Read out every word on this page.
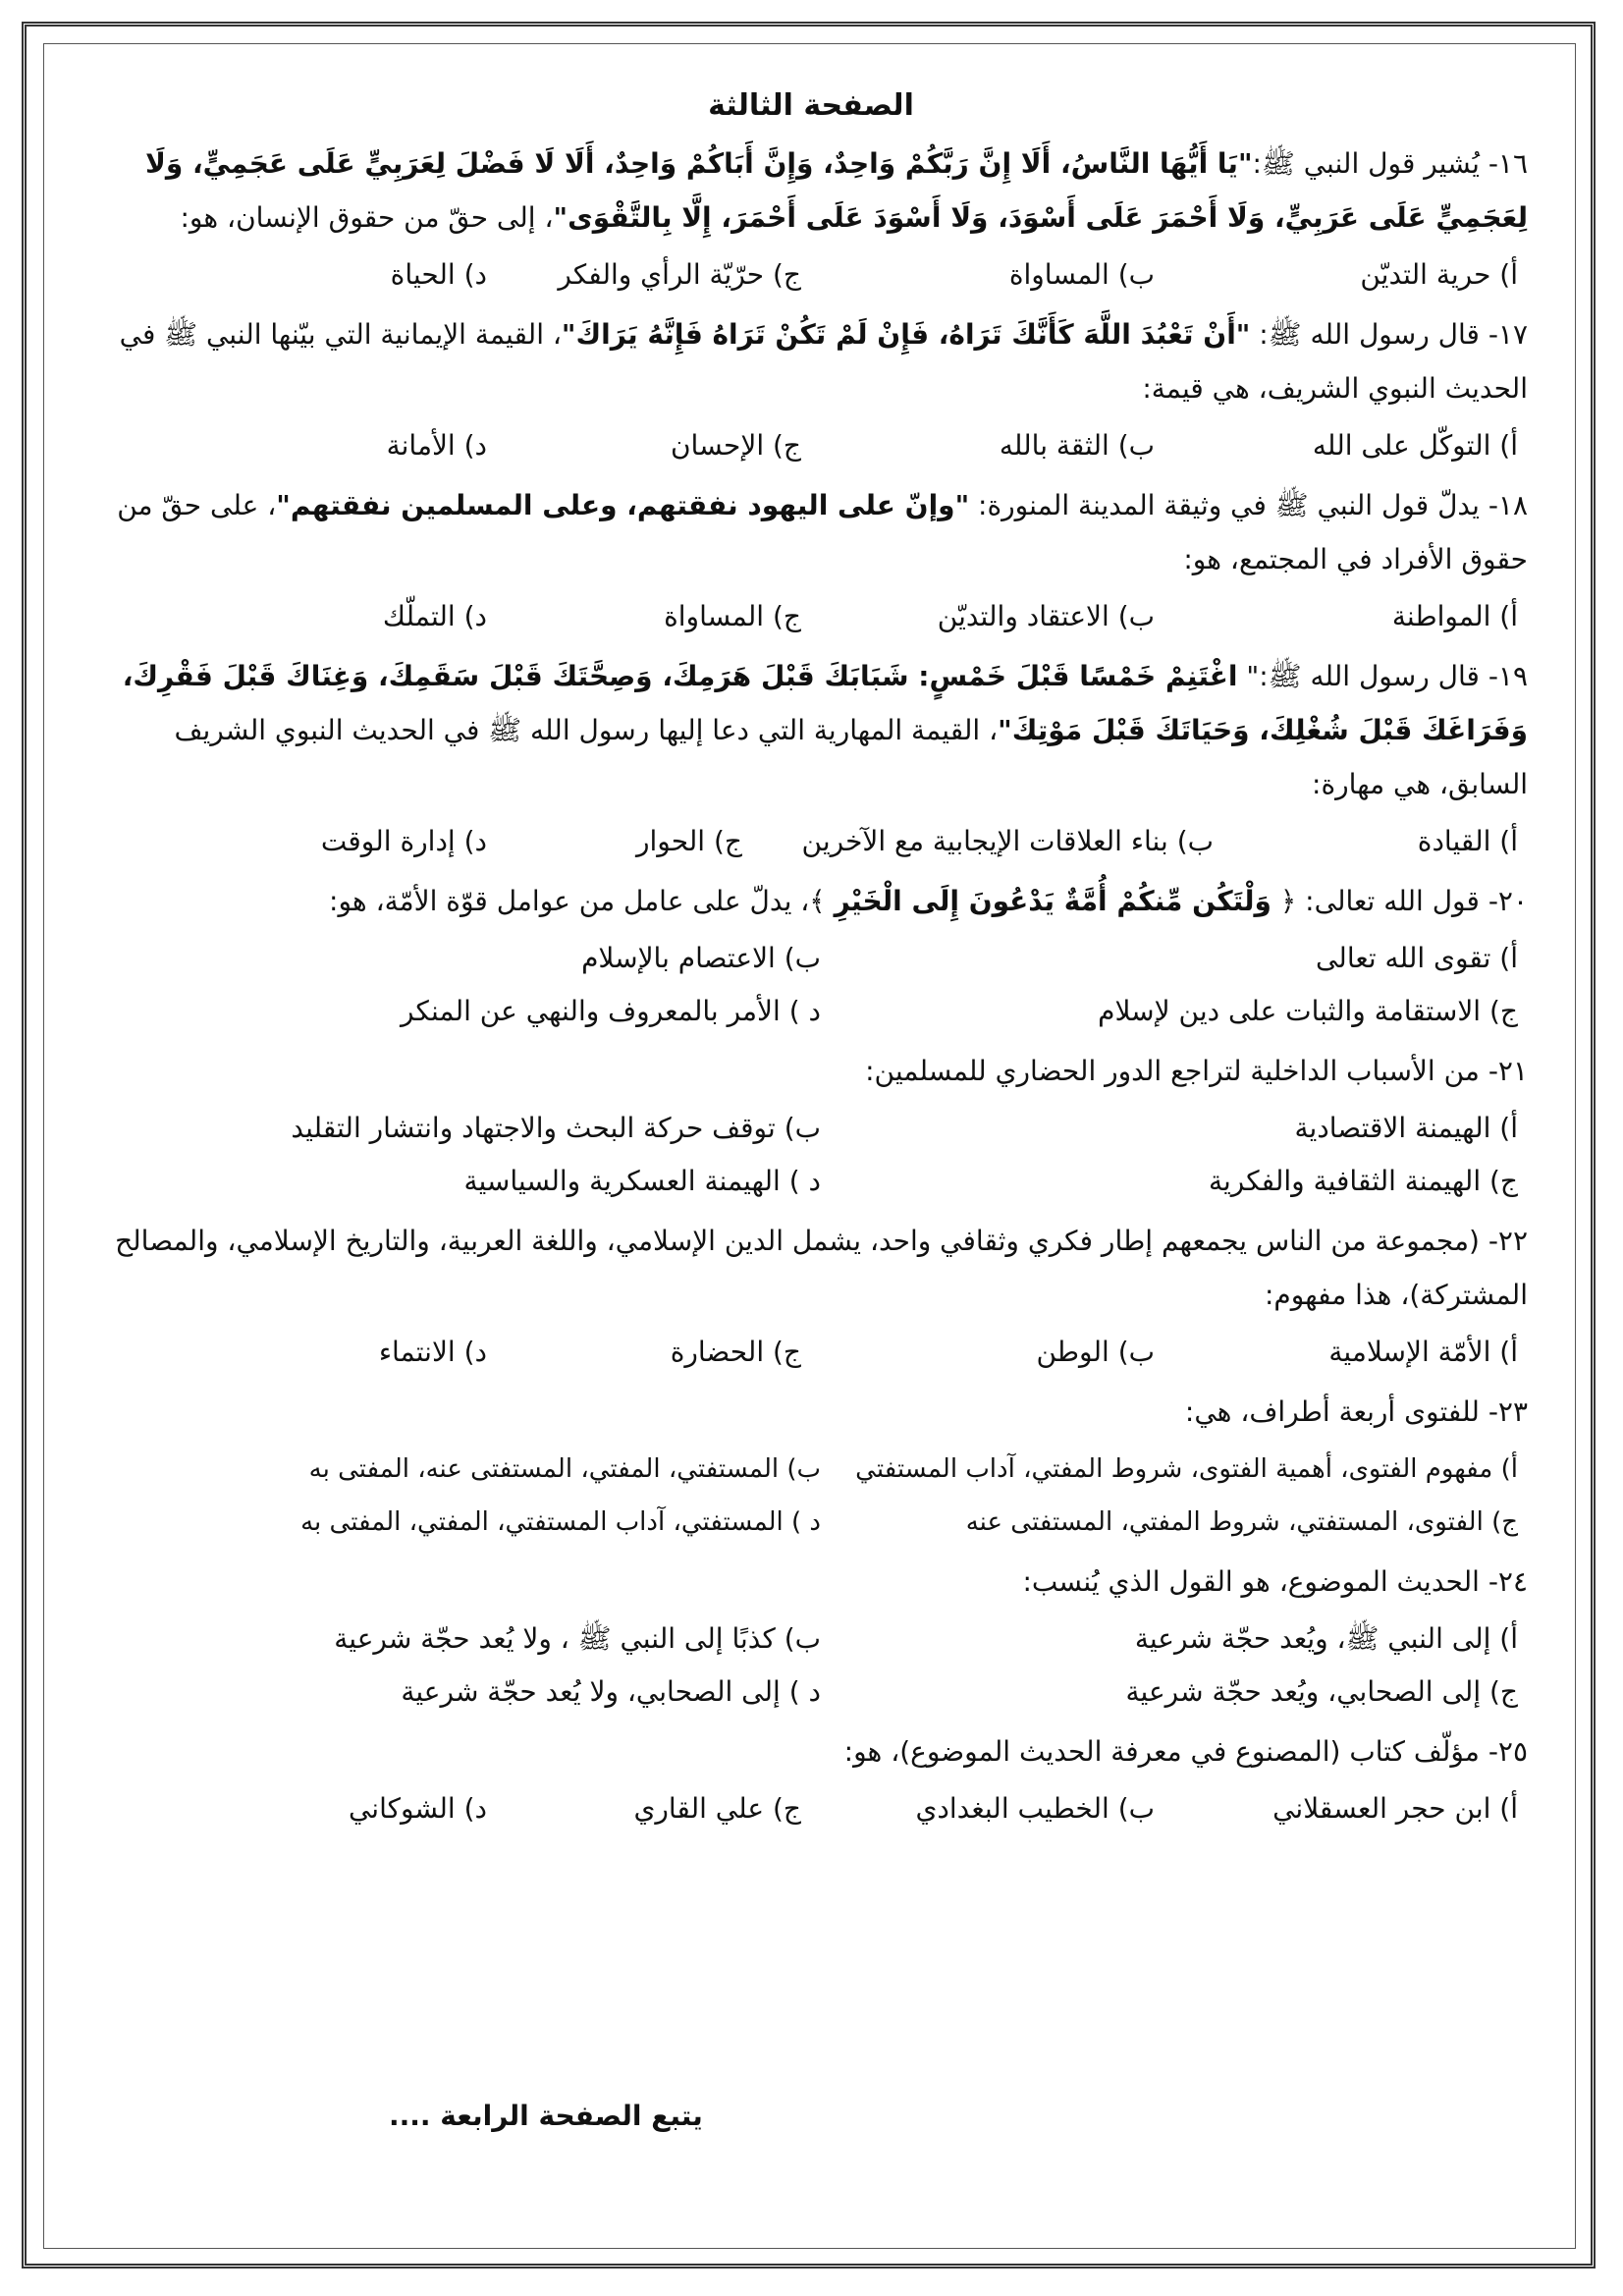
الصفحة الثالثة

١٦- يُشير قول النبي ﷺ:"يَا أَيُّهَا النَّاسُ، أَلَا إِنَّ رَبَّكُمْ وَاحِدٌ، وَإِنَّ أَبَاكُمْ وَاحِدٌ، أَلَا لَا فَضْلَ لِعَرَبِيٍّ عَلَى عَجَمِيٍّ، وَلَا لِعَجَمِيٍّ عَلَى عَرَبِيٍّ، وَلَا أَحْمَرَ عَلَى أَسْوَدَ، وَلَا أَسْوَدَ عَلَى أَحْمَرَ، إِلَّا بِالتَّقْوَى"، إلى حقّ من حقوق الإنسان، هو:

أ) حرية التديّن
ب) المساواة
ج) حرّيّة الرأي والفكر
د) الحياة

١٧- قال رسول الله ﷺ: "أَنْ تَعْبُدَ اللَّهَ كَأَنَّكَ تَرَاهُ، فَإِنْ لَمْ تَكُنْ تَرَاهُ فَإِنَّهُ يَرَاكَ"، القيمة الإيمانية التي بيّنها النبي ﷺ في الحديث النبوي الشريف، هي قيمة:

أ) التوكّل على الله
ب) الثقة بالله
ج) الإحسان
د) الأمانة

١٨- يدلّ قول النبي ﷺ في وثيقة المدينة المنورة: "وإنّ على اليهود نفقتهم، وعلى المسلمين نفقتهم"، على حقّ من حقوق الأفراد في المجتمع، هو:

أ) المواطنة
ب) الاعتقاد والتديّن
ج) المساواة
د) التملّك

١٩- قال رسول الله ﷺ:" اغْتَنِمْ خَمْسًا قَبْلَ خَمْسٍ: شَبَابَكَ قَبْلَ هَرَمِكَ، وَصِحَّتَكَ قَبْلَ سَقَمِكَ، وَغِنَاكَ قَبْلَ فَقْرِكَ، وَفَرَاغَكَ قَبْلَ شُغْلِكَ، وَحَيَاتَكَ قَبْلَ مَوْتِكَ"، القيمة المهارية التي دعا إليها رسول الله ﷺ في الحديث النبوي الشريف السابق، هي مهارة:

أ) القيادة
ب) بناء العلاقات الإيجابية مع الآخرين
ج) الحوار
د) إدارة الوقت

٢٠- قول الله تعالى: ﴿ وَلْتَكُن مِّنكُمْ أُمَّةٌ يَدْعُونَ إِلَى الْخَيْرِ ﴾، يدلّ على عامل من عوامل قوّة الأمّة، هو:

أ) تقوى الله تعالى
ب) الاعتصام بالإسلام
ج) الاستقامة والثبات على دين لإسلام
د ) الأمر بالمعروف والنهي عن المنكر

٢١- من الأسباب الداخلية لتراجع الدور الحضاري للمسلمين:

أ) الهيمنة الاقتصادية
ب) توقف حركة البحث والاجتهاد وانتشار التقليد
ج) الهيمنة الثقافية والفكرية
د ) الهيمنة العسكرية والسياسية

٢٢- (مجموعة من الناس يجمعهم إطار فكري وثقافي واحد، يشمل الدين الإسلامي، واللغة العربية، والتاريخ الإسلامي، والمصالح المشتركة)، هذا مفهوم:

أ) الأمّة الإسلامية
ب) الوطن
ج) الحضارة
د) الانتماء

٢٣- للفتوى أربعة أطراف، هي:

أ) مفهوم الفتوى، أهمية الفتوى، شروط المفتي، آداب المستفتي
ب) المستفتي، المفتي، المستفتى عنه، المفتى به
ج) الفتوى، المستفتي، شروط المفتي، المستفتى عنه
د ) المستفتي، آداب المستفتي، المفتي، المفتى به

٢٤- الحديث الموضوع، هو القول الذي يُنسب:

أ) إلى النبي ﷺ، ويُعد حجّة شرعية
ب) كذبًا إلى النبي ﷺ ، ولا يُعد حجّة شرعية
ج) إلى الصحابي، ويُعد حجّة شرعية
د ) إلى الصحابي، ولا يُعد حجّة شرعية

٢٥- مؤلّف كتاب (المصنوع في معرفة الحديث الموضوع)، هو:

أ) ابن حجر العسقلاني
ب) الخطيب البغدادي
ج) علي القاري
د) الشوكاني
يتبع الصفحة الرابعة ....
